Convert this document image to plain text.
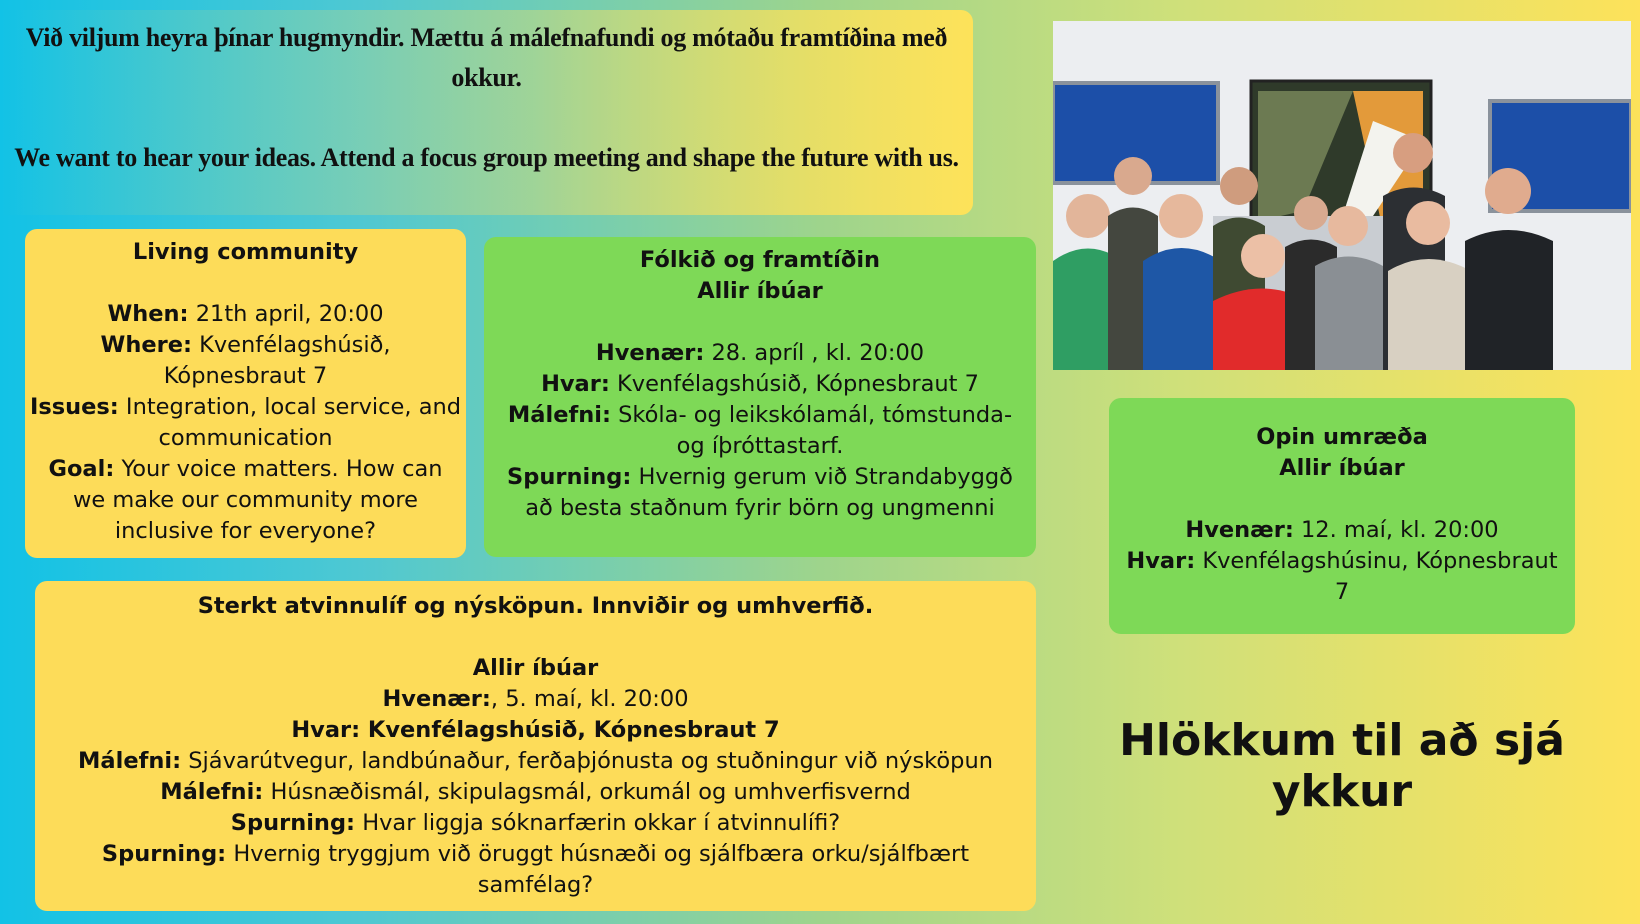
Við viljum heyra þínar hugmyndir. Mættu á málefnafundi og mótaðu framtíðina með

okkur.

We want to hear your ideas. Attend a focus group meeting and shape the future with us.

Living community

When: 21th april, 20:00

Where: Kvenfélagshúsið, Kópnesbraut 7

Issues: Integration, local service, and communication

Goal: Your voice matters. How can we make our community more inclusive for everyone?

Fólkið og framtíðin

Allir íbúar

Hvenær: 28. apríl , kl. 20:00

Hvar: Kvenfélagshúsið, Kópnesbraut 7

Málefni: Skóla- og leikskólamál, tómstunda- og íþróttastarf.

Spurning: Hvernig gerum við Strandabyggð að besta staðnum fyrir börn og ungmenni

Sterkt atvinnulíf og nýsköpun. Innviðir og umhverfið.

Allir íbúar

Hvenær:, 5. maí, kl. 20:00

Hvar: Kvenfélagshúsið, Kópnesbraut 7

Málefni: Sjávarútvegur, landbúnaður, ferðaþjónusta og stuðningur við nýsköpun

Málefni: Húsnæðismál, skipulagsmál, orkumál og umhverfisvernd

Spurning: Hvar liggja sóknarfærin okkar í atvinnulífi?

Spurning: Hvernig tryggjum við öruggt húsnæði og sjálfbæra orku/sjálfbært samfélag?

Opin umræða

Allir íbúar

Hvenær: 12. maí, kl. 20:00

Hvar: Kvenfélagshúsinu, Kópnesbraut 7

Hlökkum til að sjá ykkur
